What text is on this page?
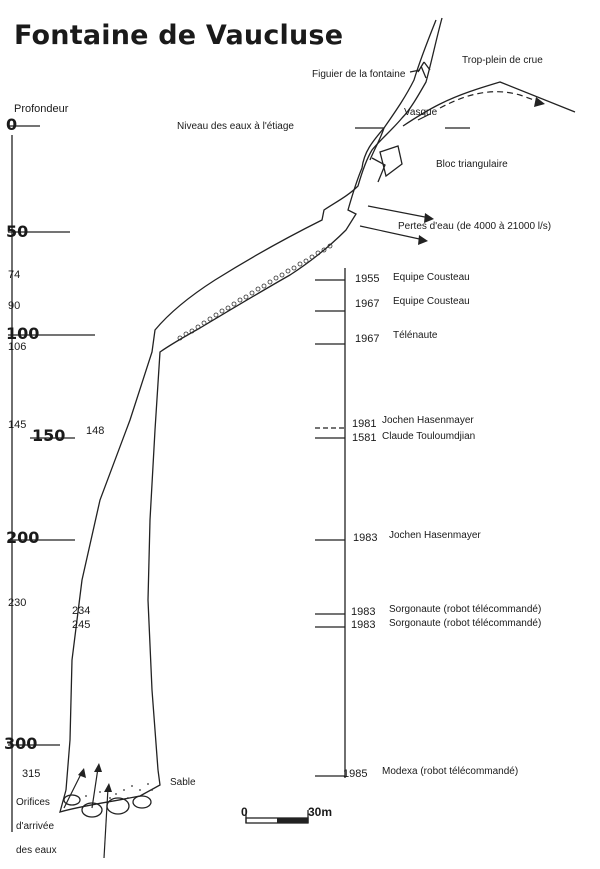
Fontaine de Vaucluse
Profondeur
Figuier de la fontaine
Trop-plein de crue
Vasque
Niveau des eaux à l'étiage
Bloc triangulaire
Pertes d'eau (de 4000 à 21000 l/s)
Sable
Orifices
d'arrivée
des eaux
0
50
100
150
200
300
74
90
106
145
230
315
148
234
245
1955 Equipe Cousteau
1967 Equipe Cousteau
1967 Télénaute
1981 Jochen Hasenmayer
1581 Claude Touloumdjian
1983 Jochen Hasenmayer
1983 Sorgonaute (robot télécommandé)
1983 Sorgonaute (robot télécommandé)
1985 Modexa (robot télécommandé)
0	30m
